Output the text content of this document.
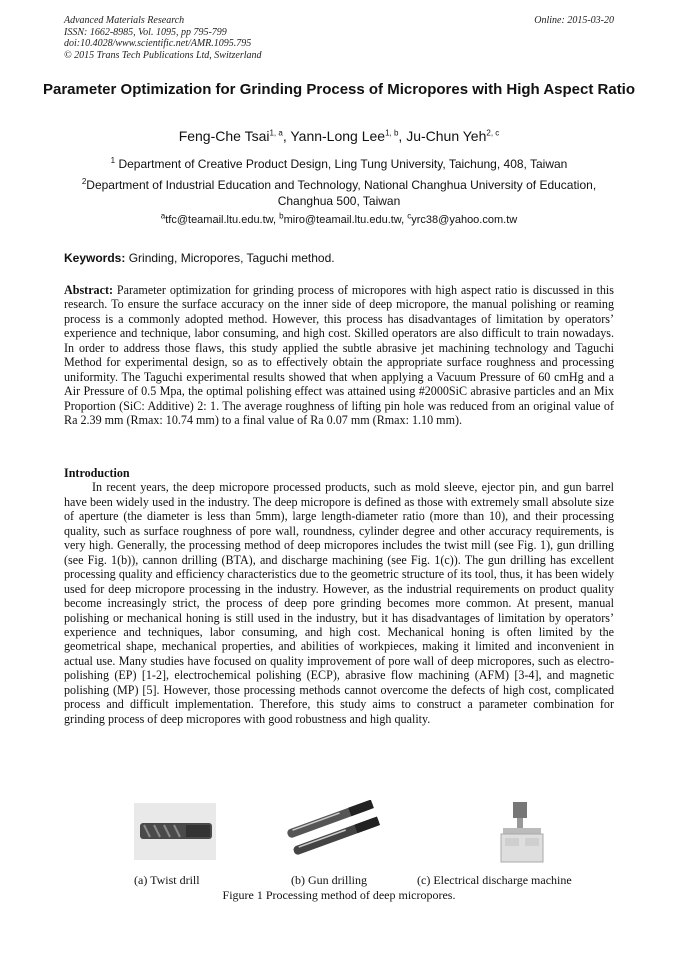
Advanced Materials Research
ISSN: 1662-8985, Vol. 1095, pp 795-799
doi:10.4028/www.scientific.net/AMR.1095.795
© 2015 Trans Tech Publications Ltd, Switzerland
Online: 2015-03-20
Parameter Optimization for Grinding Process of Micropores with High Aspect Ratio
Feng-Che Tsai$^{1, a}$, Yann-Long Lee$^{1, b}$, Ju-Chun Yeh$^{2, c}$
$^1$ Department of Creative Product Design, Ling Tung University, Taichung, 408, Taiwan
$^2$Department of Industrial Education and Technology, National Changhua University of Education, Changhua 500, Taiwan
$^a$tfc@teamail.ltu.edu.tw, $^b$miro@teamail.ltu.edu.tw, $^c$yrc38@yahoo.com.tw
Keywords: Grinding, Micropores, Taguchi method.

Abstract: Parameter optimization for grinding process of micropores with high aspect ratio is discussed in this research. To ensure the surface accuracy on the inner side of deep micropore, the manual polishing or reaming process is a commonly adopted method. However, this process has disadvantages of limitation by operators’ experience and technique, labor consuming, and high cost. Skilled operators are also difficult to train nowadays. In order to address those flaws, this study applied the subtle abrasive jet machining technology and Taguchi Method for experimental design, so as to effectively obtain the appropriate surface roughness and processing uniformity. The Taguchi experimental results showed that when applying a Vacuum Pressure of 60 cmHg and a Air Pressure of 0.5 Mpa, the optimal polishing effect was attained using #2000SiC abrasive particles and an Mix Proportion (SiC: Additive) 2: 1. The average roughness of lifting pin hole was reduced from an original value of Ra 2.39 mm (Rmax: 10.74 mm) to a final value of Ra 0.07 mm (Rmax: 1.10 mm).

Introduction

In recent years, the deep micropore processed products, such as mold sleeve, ejector pin, and gun barrel have been widely used in the industry. The deep micropore is defined as those with extremely small absolute size of aperture (the diameter is less than 5mm), large length-diameter ratio (more than 10), and their processing quality, such as surface roughness of pore wall, roundness, cylinder degree and other accuracy requirements, is very high. Generally, the processing method of deep micropores includes the twist mill (see Fig. 1), gun drilling (see Fig. 1(b)), cannon drilling (BTA), and discharge machining (see Fig. 1(c)). The gun drilling has excellent processing quality and efficiency characteristics due to the geometric structure of its tool, thus, it has been widely used for deep micropore processing in the industry. However, as the industrial requirements on product quality become increasingly strict, the process of deep pore grinding becomes more common. At present, manual polishing or mechanical honing is still used in the industry, but it has disadvantages of limitation by operators’ experience and techniques, labor consuming, and high cost. Mechanical honing is often limited by the geometrical shape, mechanical properties, and abilities of workpieces, making it limited and inconvenient in actual use. Many studies have focused on quality improvement of pore wall of deep micropores, such as electro-polishing (EP) [1-2], electrochemical polishing (ECP), abrasive flow machining (AFM) [3-4], and magnetic polishing (MP) [5]. However, those processing methods cannot overcome the defects of high cost, complicated process and difficult implementation. Therefore, this study aims to construct a parameter combination for grinding process of deep micropores with good robustness and high quality.

(a) Twist drill	(b) Gun drilling	(c) Electrical discharge machine
Figure 1 Processing method of deep micropores.
